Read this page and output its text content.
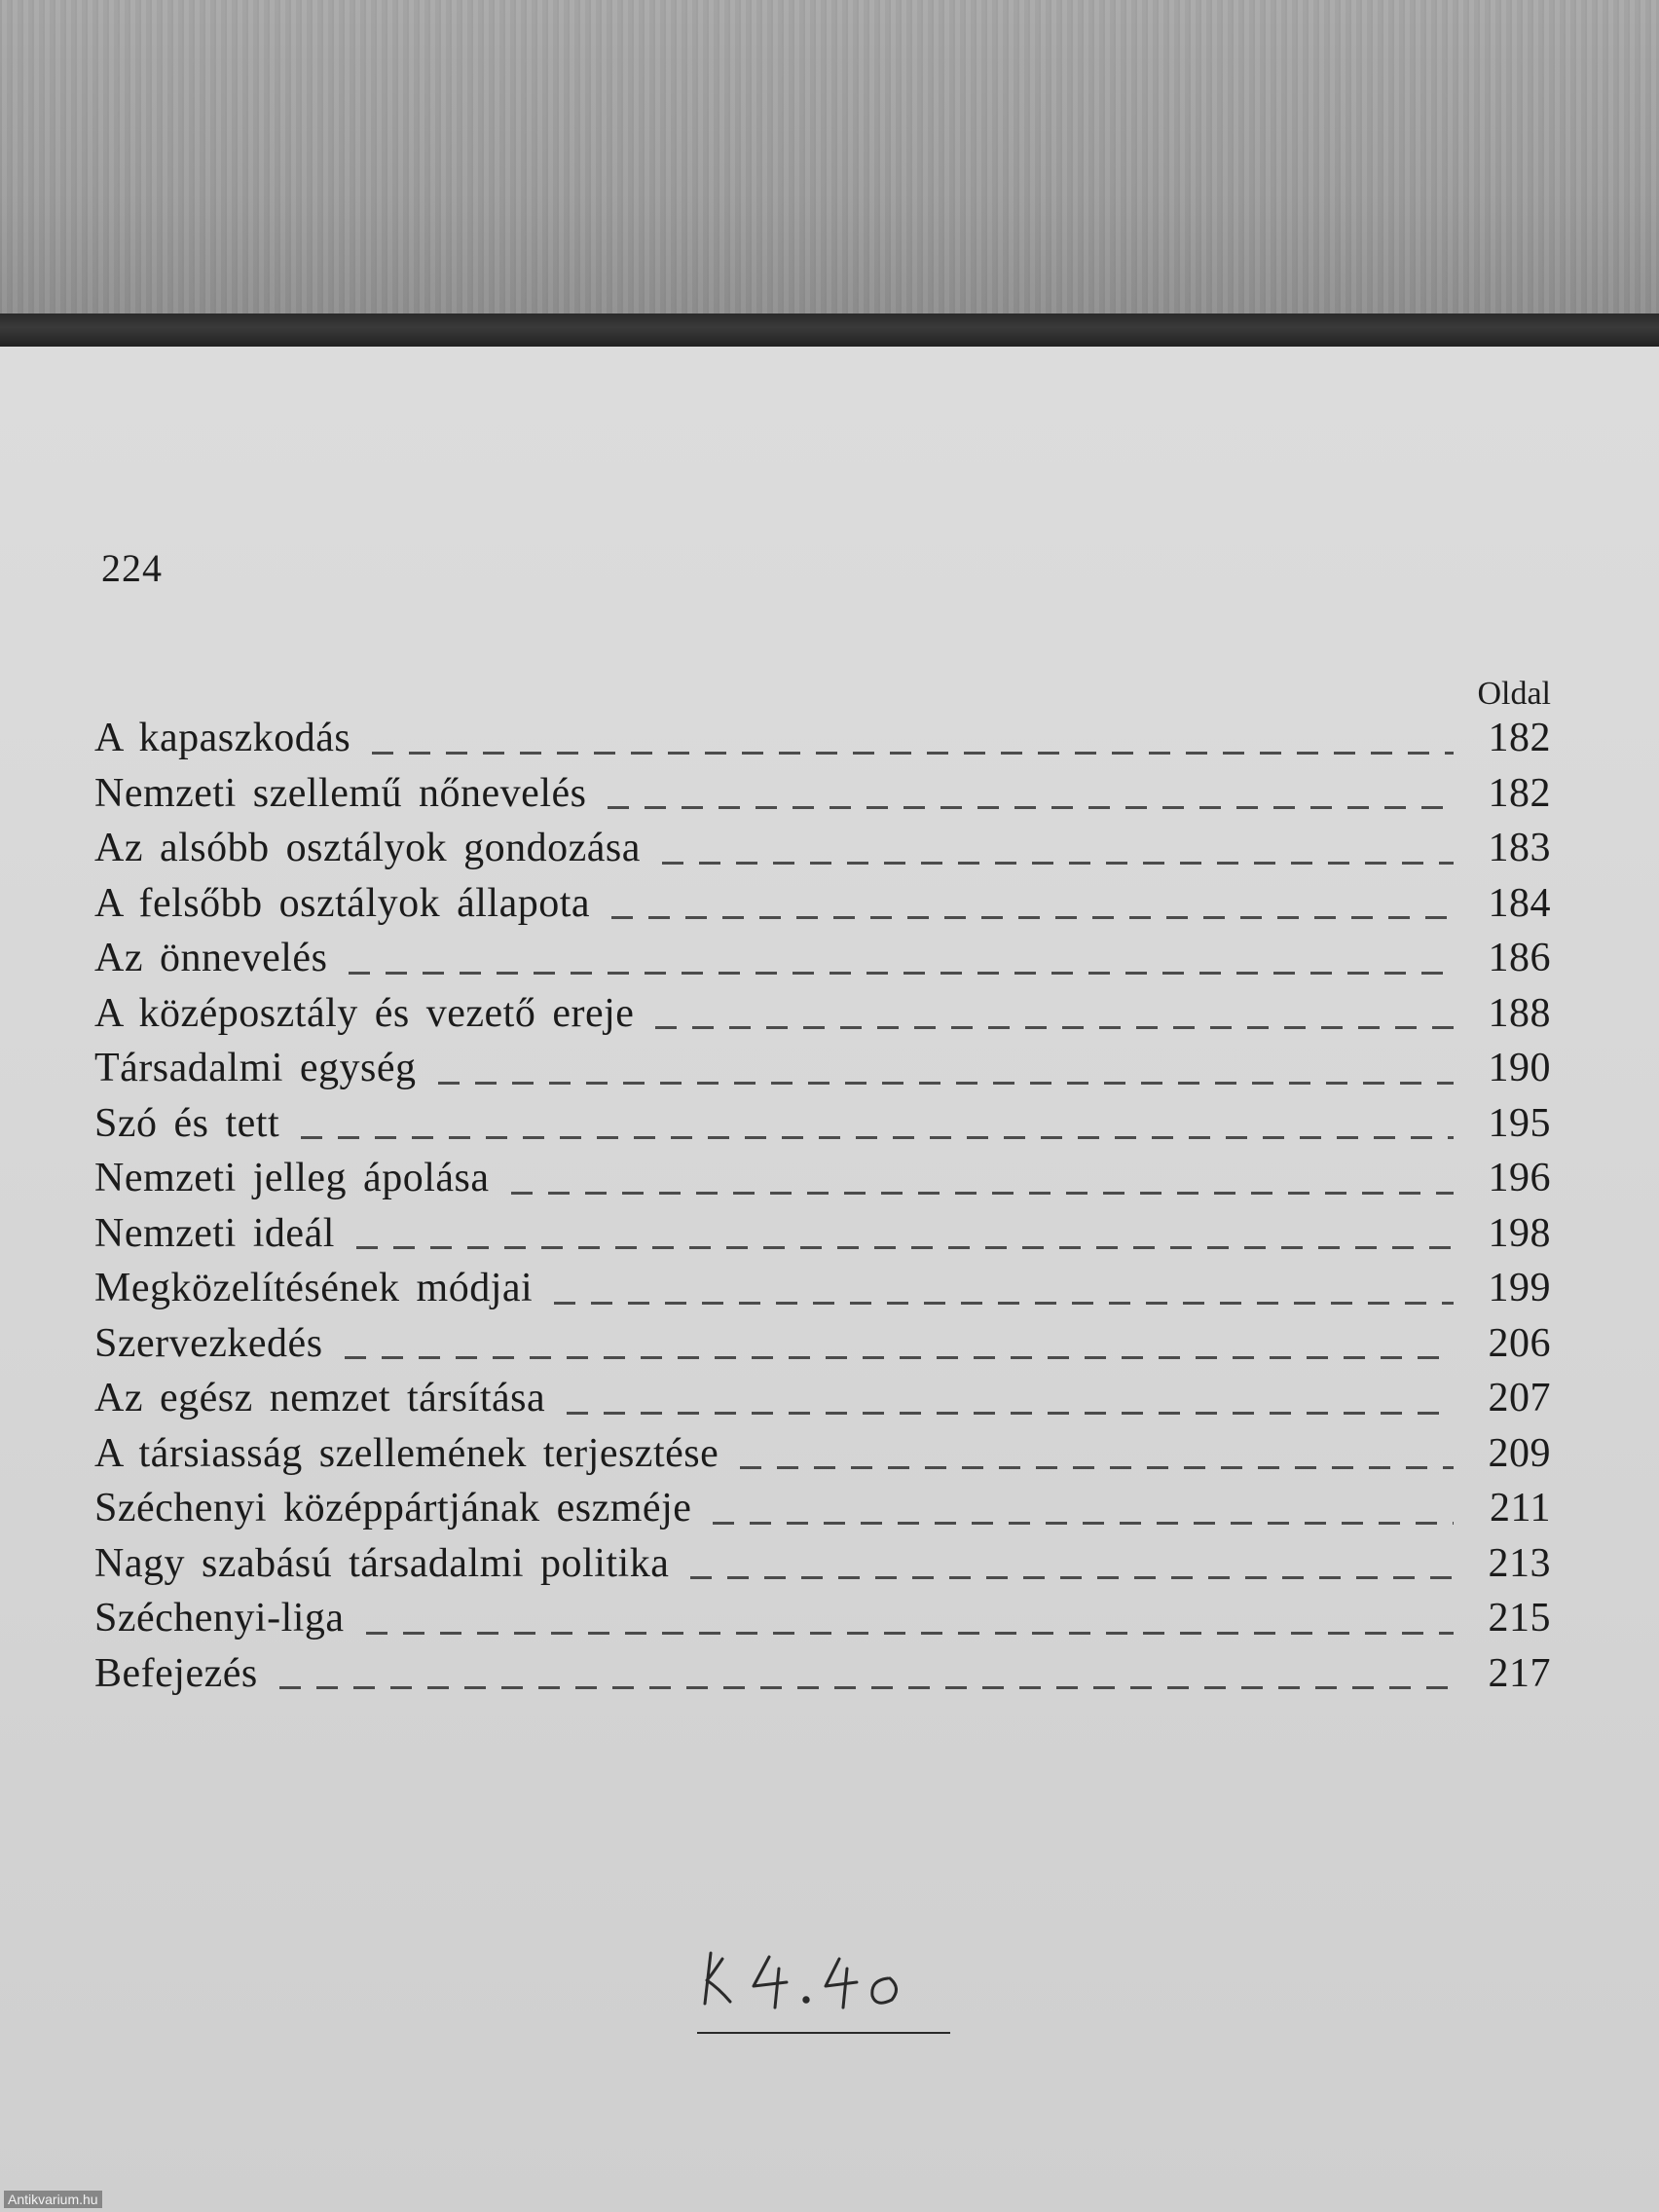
224
Oldal
A kapaszkodás	182
Nemzeti szellemű nőnevelés	182
Az alsóbb osztályok gondozása	183
A felsőbb osztályok állapota	184
Az önnevelés	186
A középosztály és vezető ereje	188
Társadalmi egység	190
Szó és tett	195
Nemzeti jelleg ápolása	196
Nemzeti ideál	198
Megközelítésének módjai	199
Szervezkedés	206
Az egész nemzet társítása	207
A társiasság szellemének terjesztése	209
Széchenyi középpártjának eszméje	211
Nagy szabású társadalmi politika	213
Széchenyi-liga	215
Befejezés	217
Antikvarium.hu
